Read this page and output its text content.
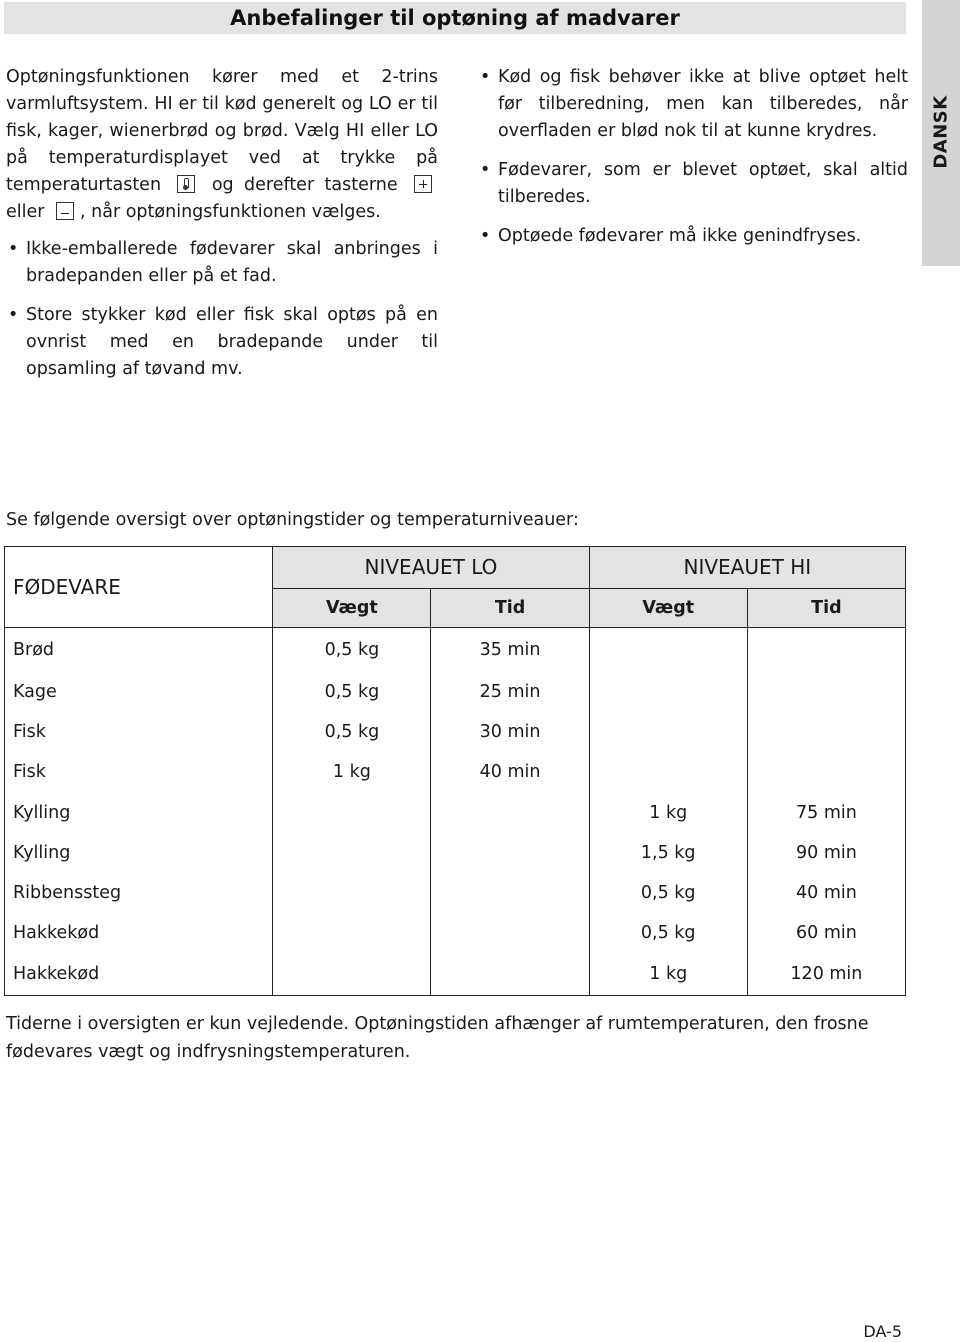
Anbefalinger til optøning af madvarer
DANSK

Optøningsfunktionen kører med et 2-trins varmluftsystem. HI er til kød generelt og LO er til fisk, kager, wienerbrød og brød. Vælg HI eller LO på temperaturdisplayet ved at trykke på temperaturtasten	og derefter tasterne  eller , når optøningsfunktionen vælges.

• Ikke-emballerede fødevarer skal anbringes i bradepanden eller på et fad.
• Store stykker kød eller fisk skal optøs på en ovnrist med en bradepande under til opsamling af tøvand mv.
• Kød og fisk behøver ikke at blive optøet helt før tilberedning, men kan tilberedes, når overfladen er blød nok til at kunne krydres.
• Fødevarer, som er blevet optøet, skal altid tilberedes.
• Optøede fødevarer må ikke genindfryses.

Se følgende oversigt over optøningstider og temperaturniveauer:

FØDEVARE	NIVEAUET LO		NIVEAUET HI	
	Vægt	Tid	Vægt	Tid
Brød	0,5 kg	35 min		
Kage	0,5 kg	25 min		
Fisk	0,5 kg	30 min		
Fisk	1 kg	40 min		
Kylling			1 kg	75 min
Kylling			1,5 kg	90 min
Ribbenssteg			0,5 kg	40 min
Hakkekød			0,5 kg	60 min
Hakkekød			1 kg	120 min

Tiderne i oversigten er kun vejledende. Optøningstiden afhænger af rumtemperaturen, den frosne fødevares vægt og indfrysningstemperaturen.

DA-5
